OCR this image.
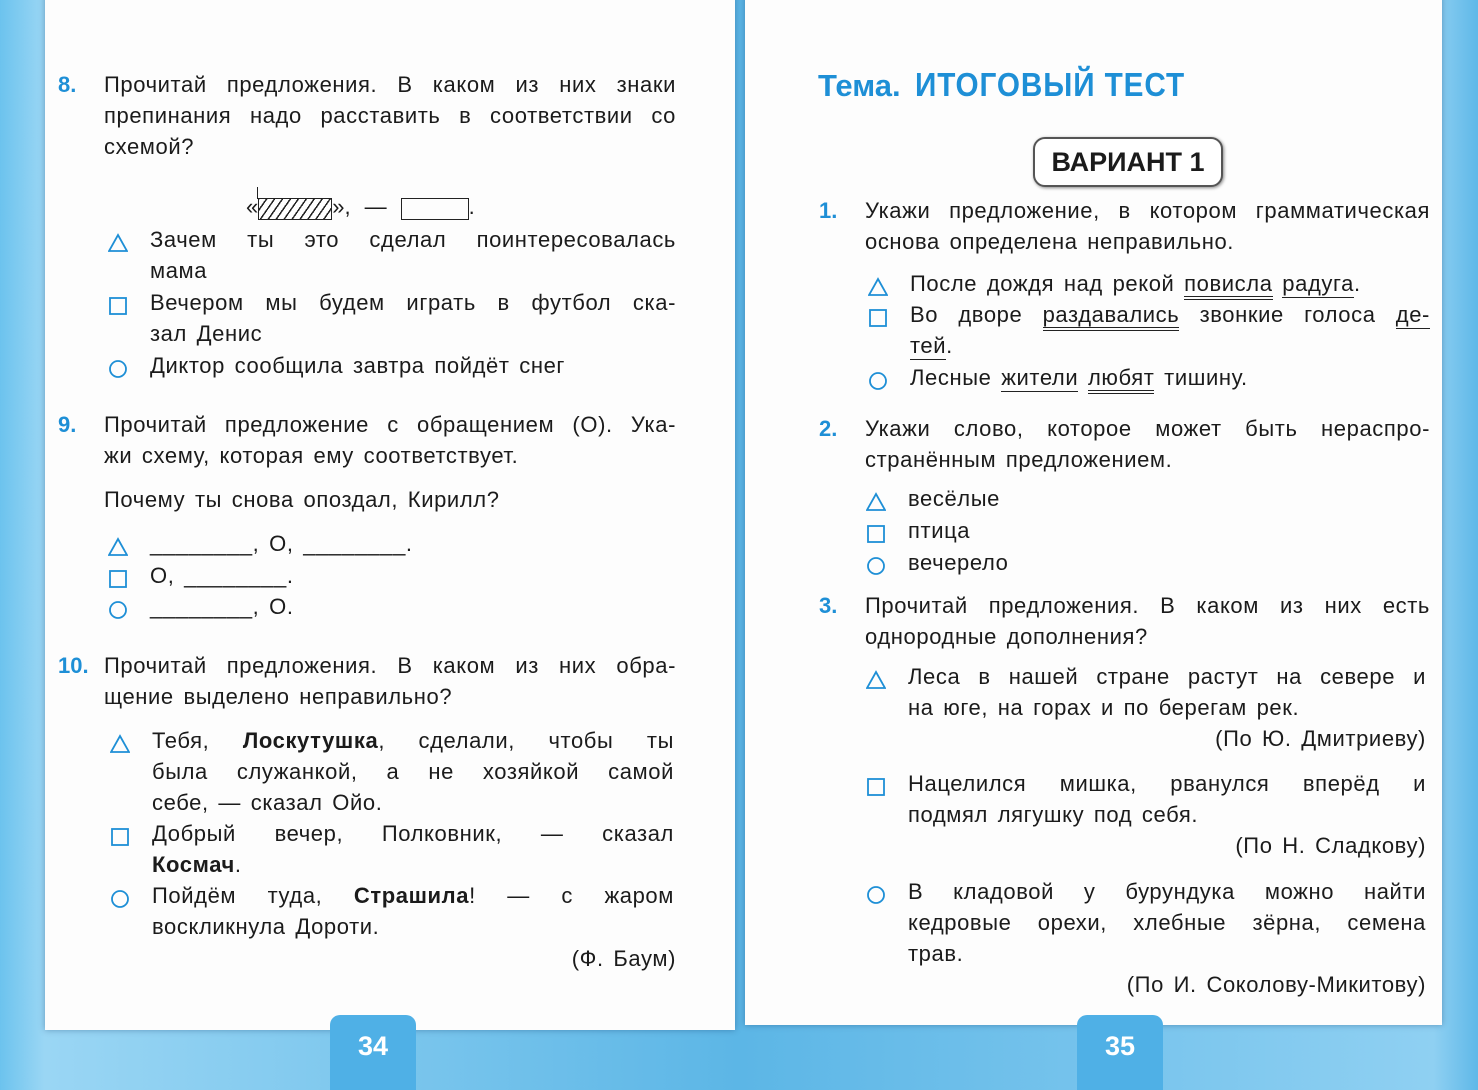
34	35
Тема. ИТОГОВЫЙ ТЕСТ
ВАРИАНТ 1
«	», —	.
8. Прочитай предложения. В каком из них знаки
препинания надо расставить в соответствии со
схемой?
Зачем ты это сделал поинтересовалась
мама
Вечером мы будем играть в футбол ска-
зал Денис
Диктор сообщила завтра пойдёт снег
9. Прочитай предложение с обращением (О). Ука-
жи схему, которая ему соответствует.
Почему ты снова опоздал, Кирилл?
________, О, ________.
О, ________.
________, О.
10. Прочитай предложения. В каком из них обра-
щение выделено неправильно?
Тебя, Лоскутушка, сделали, чтобы ты
была служанкой, а не хозяйкой самой
себе, — сказал Ойо.
Добрый вечер, Полковник, — сказал
Космач.
Пойдём туда, Страшила! — с жаром
воскликнула Дороти.
(Ф. Баум)
1. Укажи предложение, в котором грамматическая
основа определена неправильно.
После дождя над рекой повисла радуга.
Во дворе раздавались звонкие голоса де-
тей.
Лесные жители любят тишину.
2. Укажи слово, которое может быть нераспро-
странённым предложением.
весёлые
птица
вечерело
3. Прочитай предложения. В каком из них есть
однородные дополнения?
Леса в нашей стране растут на севере и
на юге, на горах и по берегам рек.
(По Ю. Дмитриеву)
Нацелился мишка, рванулся вперёд и
подмял лягушку под себя.
(По Н. Сладкову)
В кладовой у бурундука можно найти
кедровые орехи, хлебные зёрна, семена
трав.
(По И. Соколову-Микитову)
